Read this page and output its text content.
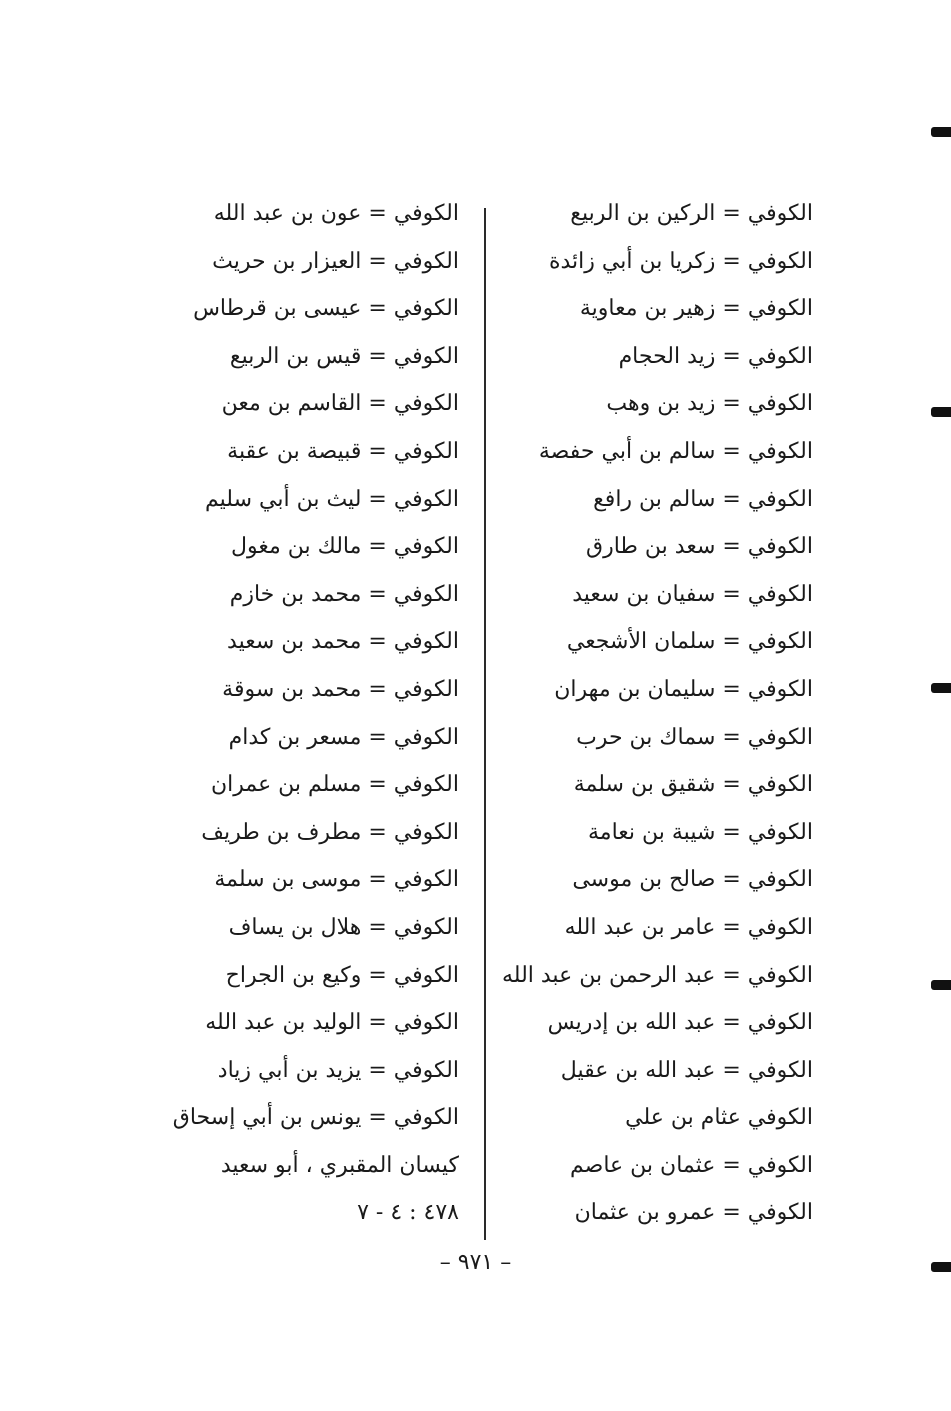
الكوفي = الركين بن الربيع
الكوفي = زكريا بن أبي زائدة
الكوفي = زهير بن معاوية
الكوفي = زيد الحجام
الكوفي = زيد بن وهب
الكوفي = سالم بن أبي حفصة
الكوفي = سالم بن رافع
الكوفي = سعد بن طارق
الكوفي = سفيان بن سعيد
الكوفي = سلمان الأشجعي
الكوفي = سليمان بن مهران
الكوفي = سماك بن حرب
الكوفي = شقيق بن سلمة
الكوفي = شيبة بن نعامة
الكوفي = صالح بن موسى
الكوفي = عامر بن عبد الله
الكوفي = عبد الرحمن بن عبد الله
الكوفي = عبد الله بن إدريس
الكوفي = عبد الله بن عقيل
الكوفي عثام بن علي
الكوفي = عثمان بن عاصم
الكوفي = عمرو بن عثمان
الكوفي = عون بن عبد الله
الكوفي = العيزار بن حريث
الكوفي = عيسى بن قرطاس
الكوفي = قيس بن الربيع
الكوفي = القاسم بن معن
الكوفي = قبيصة بن عقبة
الكوفي = ليث بن أبي سليم
الكوفي = مالك بن مغول
الكوفي = محمد بن خازم
الكوفي = محمد بن سعيد
الكوفي = محمد بن سوقة
الكوفي = مسعر بن كدام
الكوفي = مسلم بن عمران
الكوفي = مطرف بن طريف
الكوفي = موسى بن سلمة
الكوفي = هلال بن يساف
الكوفي = وكيع بن الجراح
الكوفي = الوليد بن عبد الله
الكوفي = يزيد بن أبي زياد
الكوفي = يونس بن أبي إسحاق
كيسان المقبري ، أبو سعيد
٤٧٨ : ٤ - ٧
– ٩٧١ –
